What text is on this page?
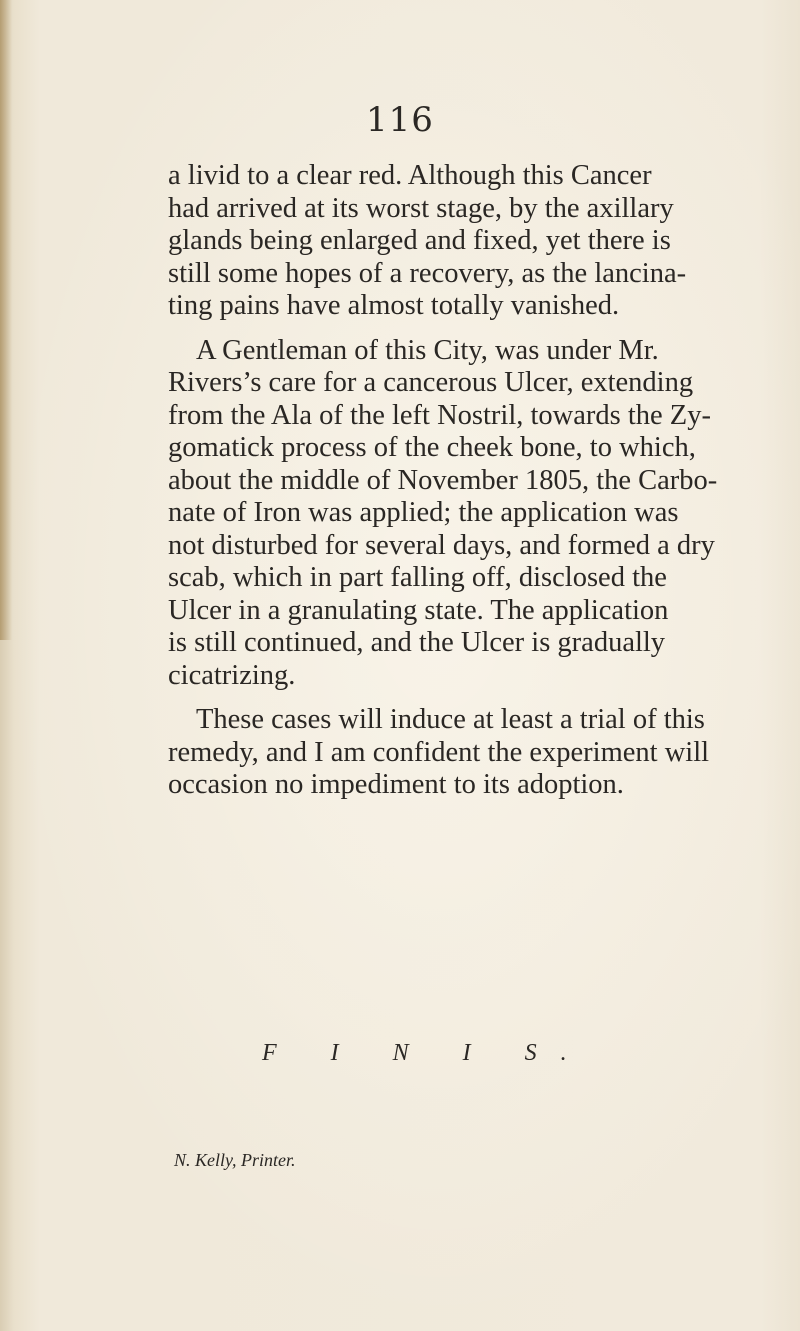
116

a livid to a clear red. Although this Cancer
had arrived at its worst stage, by the axillary
glands being enlarged and fixed, yet there is
still some hopes of a recovery, as the lancina-
ting pains have almost totally vanished.

A Gentleman of this City, was under Mr.
Rivers’s care for a cancerous Ulcer, extending
from the Ala of the left Nostril, towards the Zy-
gomatick process of the cheek bone, to which,
about the middle of November 1805, the Carbo-
nate of Iron was applied; the application was
not disturbed for several days, and formed a dry
scab, which in part falling off, disclosed the
Ulcer in a granulating state. The application
is still continued, and the Ulcer is gradually
cicatrizing.

These cases will induce at least a trial of this
remedy, and I am confident the experiment will
occasion no impediment to its adoption.

F I N I S.
N. Kelly, Printer.
